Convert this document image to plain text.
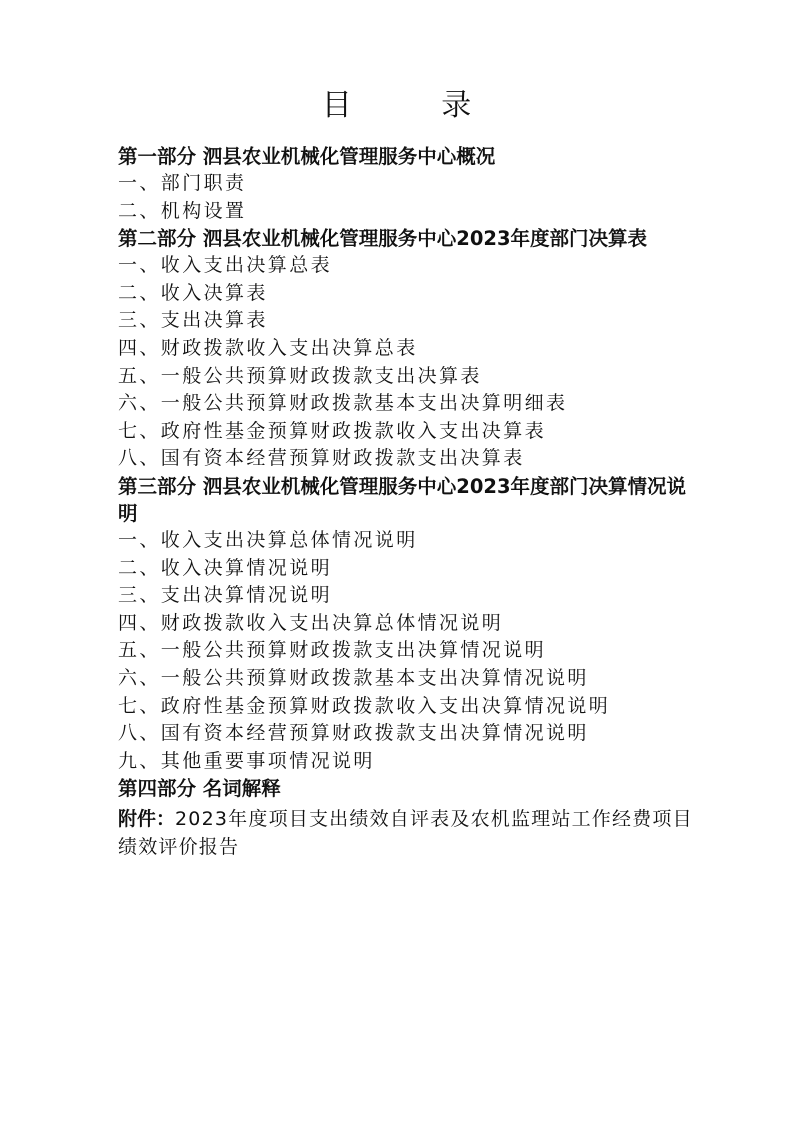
目 录

第一部分 泗县农业机械化管理服务中心概况

一、部门职责

二、机构设置

第二部分 泗县农业机械化管理服务中心2023年度部门决算表

一、收入支出决算总表

二、收入决算表

三、支出决算表

四、财政拨款收入支出决算总表

五、一般公共预算财政拨款支出决算表

六、一般公共预算财政拨款基本支出决算明细表

七、政府性基金预算财政拨款收入支出决算表

八、国有资本经营预算财政拨款支出决算表

第三部分 泗县农业机械化管理服务中心2023年度部门决算情况说明

一、收入支出决算总体情况说明

二、收入决算情况说明

三、支出决算情况说明

四、财政拨款收入支出决算总体情况说明

五、一般公共预算财政拨款支出决算情况说明

六、一般公共预算财政拨款基本支出决算情况说明

七、政府性基金预算财政拨款收入支出决算情况说明

八、国有资本经营预算财政拨款支出决算情况说明

九、其他重要事项情况说明

第四部分 名词解释

附件：2023年度项目支出绩效自评表及农机监理站工作经费项目绩效评价报告
